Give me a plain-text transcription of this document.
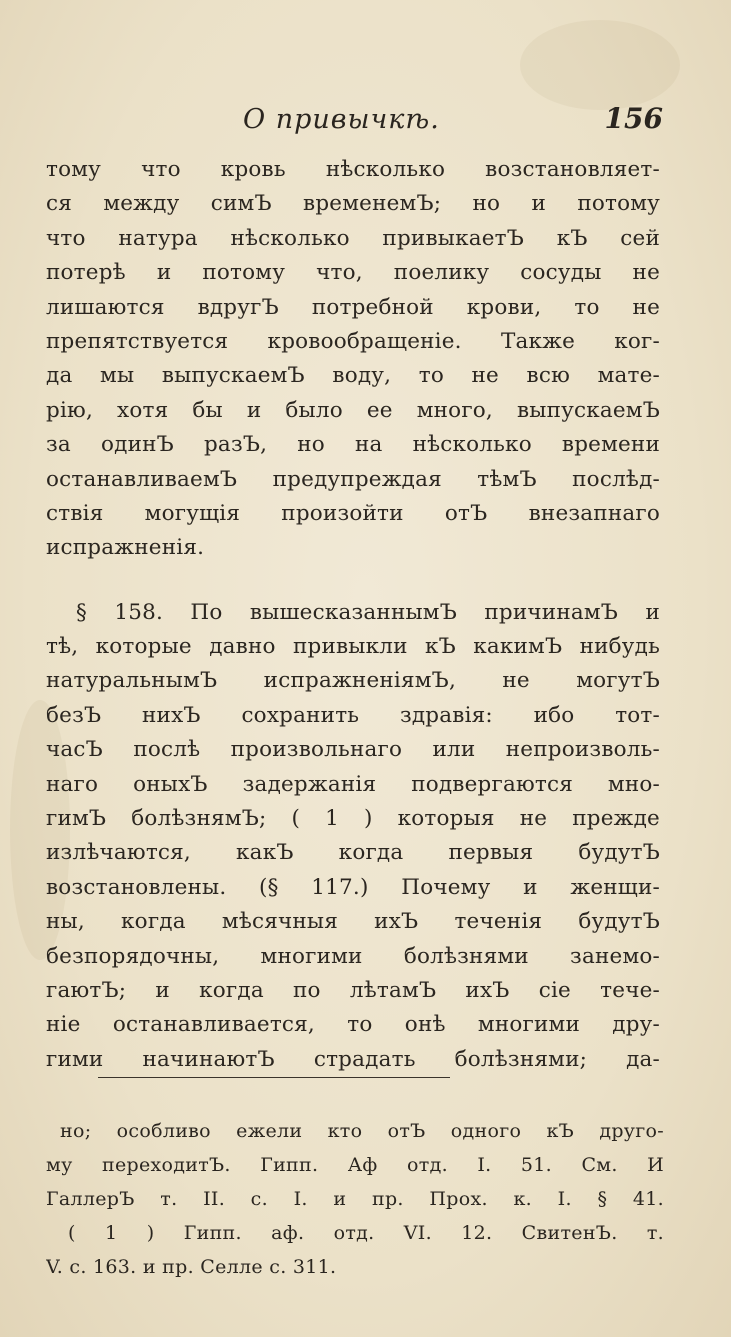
О привычкѣ.	156
тому что кровь нѣсколько возстановляет-
ся между симЪ временемЪ; но и потому
что натура нѣсколько привыкаетЪ кЪ сей
потерѣ и потому что, поелику сосуды не
лишаются вдругЪ потребной крови, то не
препятствуется кровообращенiе. Также ког-
да мы выпускаемЪ воду, то не всю мате-
рiю, хотя бы и было ее много, выпускаемЪ
за одинЪ разЪ, но на нѣсколько времени
останавливаемЪ предупреждая тѣмЪ послѣд-
ствiя могущiя произойти отЪ внезапнаго
испражненiя.
§ 158. По вышесказаннымЪ причинамЪ и
тѣ, которые давно привыкли кЪ какимЪ нибудь
натуральнымЪ испражненiямЪ, не могутЪ
безЪ нихЪ сохранить здравiя: ибо тот-
часЪ послѣ произвольнаго или непроизволь-
наго оныхЪ задержанiя подвергаются мно-
гимЪ болѣзнямЪ; ( 1 ) которыя не прежде
излѣчаются, какЪ когда первыя будутЪ
возстановлены. (§ 117.) Почему и женщи-
ны, когда мѣсячныя ихЪ теченiя будутЪ
безпорядочны, многими болѣзнями занемо-
гаютЪ; и когда по лѣтамЪ ихЪ сiе тече-
нiе останавливается, то онѣ многими дру-
гими начинаютЪ страдать болѣзнями; да-
но; особливо ежели кто отЪ одного кЪ друго-
му переходитЪ. Гипп. Аф отд. I. 51. См. И
ГаллерЪ т. II. с. I. и пр. Прох. к. I. § 41.
( 1 ) Гипп. аф. отд. VI. 12. СвитенЪ. т.
V. с. 163. и пр. Селле с. 311.
